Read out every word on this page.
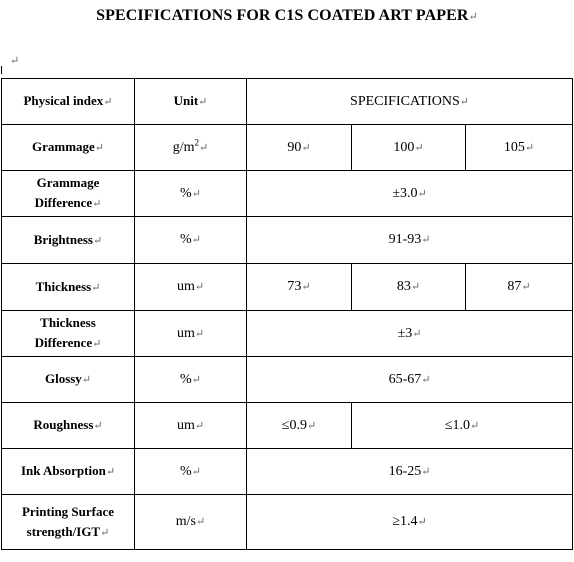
SPECIFICATIONS FOR C1S COATED ART PAPER↵
↵
Physical index↵	Unit↵	SPECIFICATIONS↵		
Grammage↵	$g/m^2↵$	90↵	100↵	105↵
Grammage
Difference↵	%↵	±3.0↵		
Brightness↵	%↵	91-93↵		
Thickness↵	um↵	73↵	83↵	87↵
Thickness
Difference↵	um↵	±3↵		
Glossy↵	%↵	65-67↵		
Roughness↵	um↵	≤0.9↵	≤1.0↵	
Ink Absorption↵	%↵	16-25↵		
Printing Surface
strength/IGT↵	m/s↵	≥1.4↵		
